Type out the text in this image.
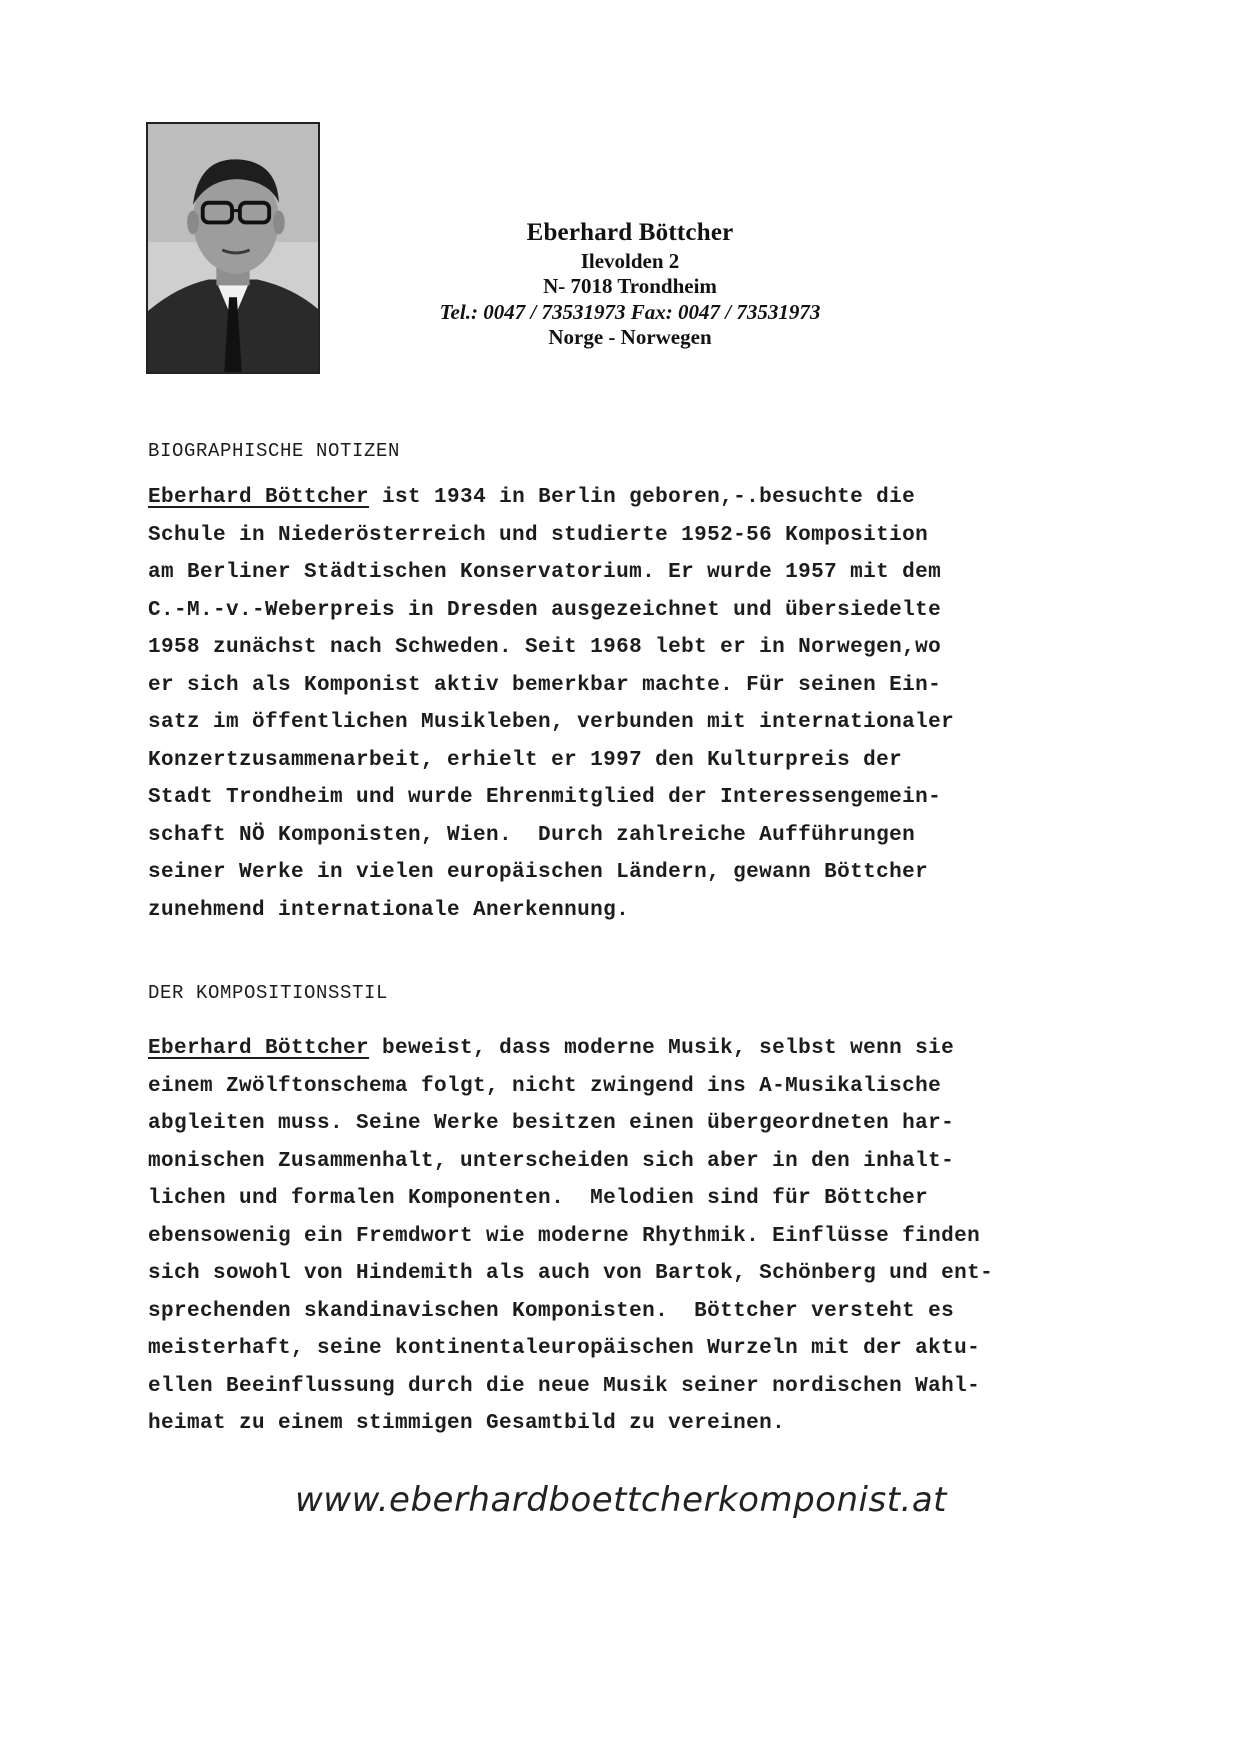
Eberhard Böttcher
Ilevolden 2
N- 7018 Trondheim
Tel.: 0047 / 73531973 Fax: 0047 / 73531973
Norge - Norwegen
BIOGRAPHISCHE NOTIZEN
Eberhard Böttcher ist 1934 in Berlin geboren,-.besuchte die
Schule in Niederösterreich und studierte 1952-56 Komposition
am Berliner Städtischen Konservatorium. Er wurde 1957 mit dem
C.-M.-v.-Weberpreis in Dresden ausgezeichnet und übersiedelte
1958 zunächst nach Schweden. Seit 1968 lebt er in Norwegen,wo
er sich als Komponist aktiv bemerkbar machte. Für seinen Ein-
satz im öffentlichen Musikleben, verbunden mit internationaler
Konzertzusammenarbeit, erhielt er 1997 den Kulturpreis der
Stadt Trondheim und wurde Ehrenmitglied der Interessengemein-
schaft NÖ Komponisten, Wien.  Durch zahlreiche Aufführungen
seiner Werke in vielen europäischen Ländern, gewann Böttcher
zunehmend internationale Anerkennung.
DER KOMPOSITIONSSTIL
Eberhard Böttcher beweist, dass moderne Musik, selbst wenn sie
einem Zwölftonschema folgt, nicht zwingend ins A-Musikalische
abgleiten muss. Seine Werke besitzen einen übergeordneten har-
monischen Zusammenhalt, unterscheiden sich aber in den inhalt-
lichen und formalen Komponenten.  Melodien sind für Böttcher
ebensowenig ein Fremdwort wie moderne Rhythmik. Einflüsse finden
sich sowohl von Hindemith als auch von Bartok, Schönberg und ent-
sprechenden skandinavischen Komponisten.  Böttcher versteht es
meisterhaft, seine kontinentaleuropäischen Wurzeln mit der aktu-
ellen Beeinflussung durch die neue Musik seiner nordischen Wahl-
heimat zu einem stimmigen Gesamtbild zu vereinen.
www.eberhardboettcherkomponist.at
